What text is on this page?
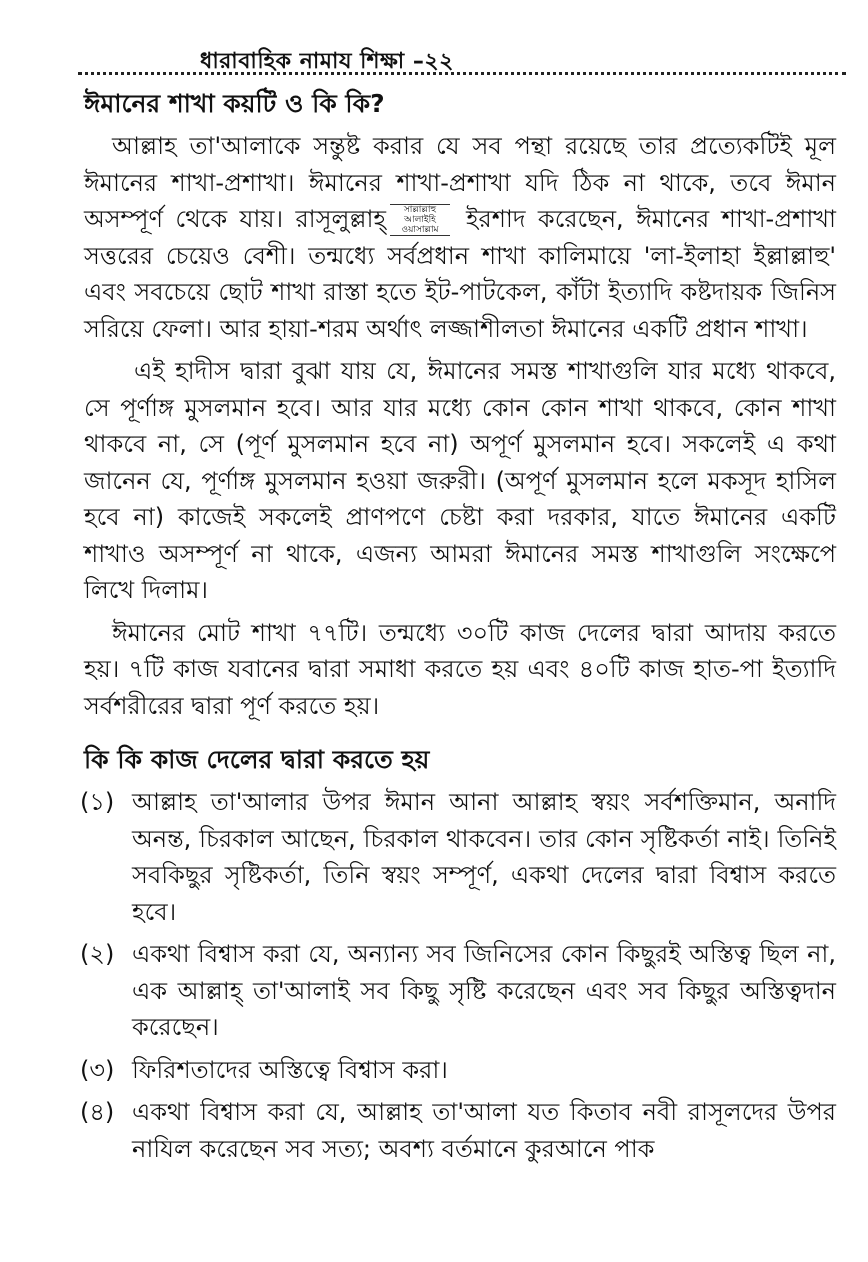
ধারাবাহিক নামায শিক্ষা –২২
ঈমানের শাখা কয়টি ও কি কি?

আল্লাহ তা'আলাকে সন্তুষ্ট করার যে সব পন্থা রয়েছে তার প্রত্যেকটিই মূল ঈমানের শাখা-প্রশাখা। ঈমানের শাখা-প্রশাখা যদি ঠিক না থাকে, তবে ঈমান অসম্পূর্ণ থেকে যায়। রাসূলুল্লাহ্ সাল্লাল্লাহু আলাইহি ওয়াসাল্লাম ইরশাদ করেছেন, ঈমানের শাখা-প্রশাখা সত্তরের চেয়েও বেশী। তন্মধ্যে সর্বপ্রধান শাখা কালিমায়ে 'লা-ইলাহা ইল্লাল্লাহু' এবং সবচেয়ে ছোট শাখা রাস্তা হতে ইট-পাটকেল, কাঁটা ইত্যাদি কষ্টদায়ক জিনিস সরিয়ে ফেলা। আর হায়া-শরম অর্থাৎ লজ্জাশীলতা ঈমানের একটি প্রধান শাখা।

এই হাদীস দ্বারা বুঝা যায় যে, ঈমানের সমস্ত শাখাগুলি যার মধ্যে থাকবে, সে পূর্ণাঙ্গ মুসলমান হবে। আর যার মধ্যে কোন কোন শাখা থাকবে, কোন শাখা থাকবে না, সে (পূর্ণ মুসলমান হবে না) অপূর্ণ মুসলমান হবে। সকলেই এ কথা জানেন যে, পূর্ণাঙ্গ মুসলমান হওয়া জরুরী। (অপূর্ণ মুসলমান হলে মকসূদ হাসিল হবে না) কাজেই সকলেই প্রাণপণে চেষ্টা করা দরকার, যাতে ঈমানের একটি শাখাও অসম্পূর্ণ না থাকে, এজন্য আমরা ঈমানের সমস্ত শাখাগুলি সংক্ষেপে লিখে দিলাম।

ঈমানের মোট শাখা ৭৭টি। তন্মধ্যে ৩০টি কাজ দেলের দ্বারা আদায় করতে হয়। ৭টি কাজ যবানের দ্বারা সমাধা করতে হয় এবং ৪০টি কাজ হাত-পা ইত্যাদি সর্বশরীরের দ্বারা পূর্ণ করতে হয়।

কি কি কাজ দেলের দ্বারা করতে হয়
(১) আল্লাহ তা'আলার উপর ঈমান আনা আল্লাহ স্বয়ং সর্বশক্তিমান, অনাদি অনন্ত, চিরকাল আছেন, চিরকাল থাকবেন। তার কোন সৃষ্টিকর্তা নাই। তিনিই সবকিছুর সৃষ্টিকর্তা, তিনি স্বয়ং সম্পূর্ণ, একথা দেলের দ্বারা বিশ্বাস করতে হবে।
(২) একথা বিশ্বাস করা যে, অন্যান্য সব জিনিসের কোন কিছুরই অস্তিত্ব ছিল না, এক আল্লাহ্ তা'আলাই সব কিছু সৃষ্টি করেছেন এবং সব কিছুর অস্তিত্বদান করেছেন।
(৩) ফিরিশতাদের অস্তিত্বে বিশ্বাস করা।
(৪) একথা বিশ্বাস করা যে, আল্লাহ তা'আলা যত কিতাব নবী রাসূলদের উপর নাযিল করেছেন সব সত্য; অবশ্য বর্তমানে কুরআনে পাক
